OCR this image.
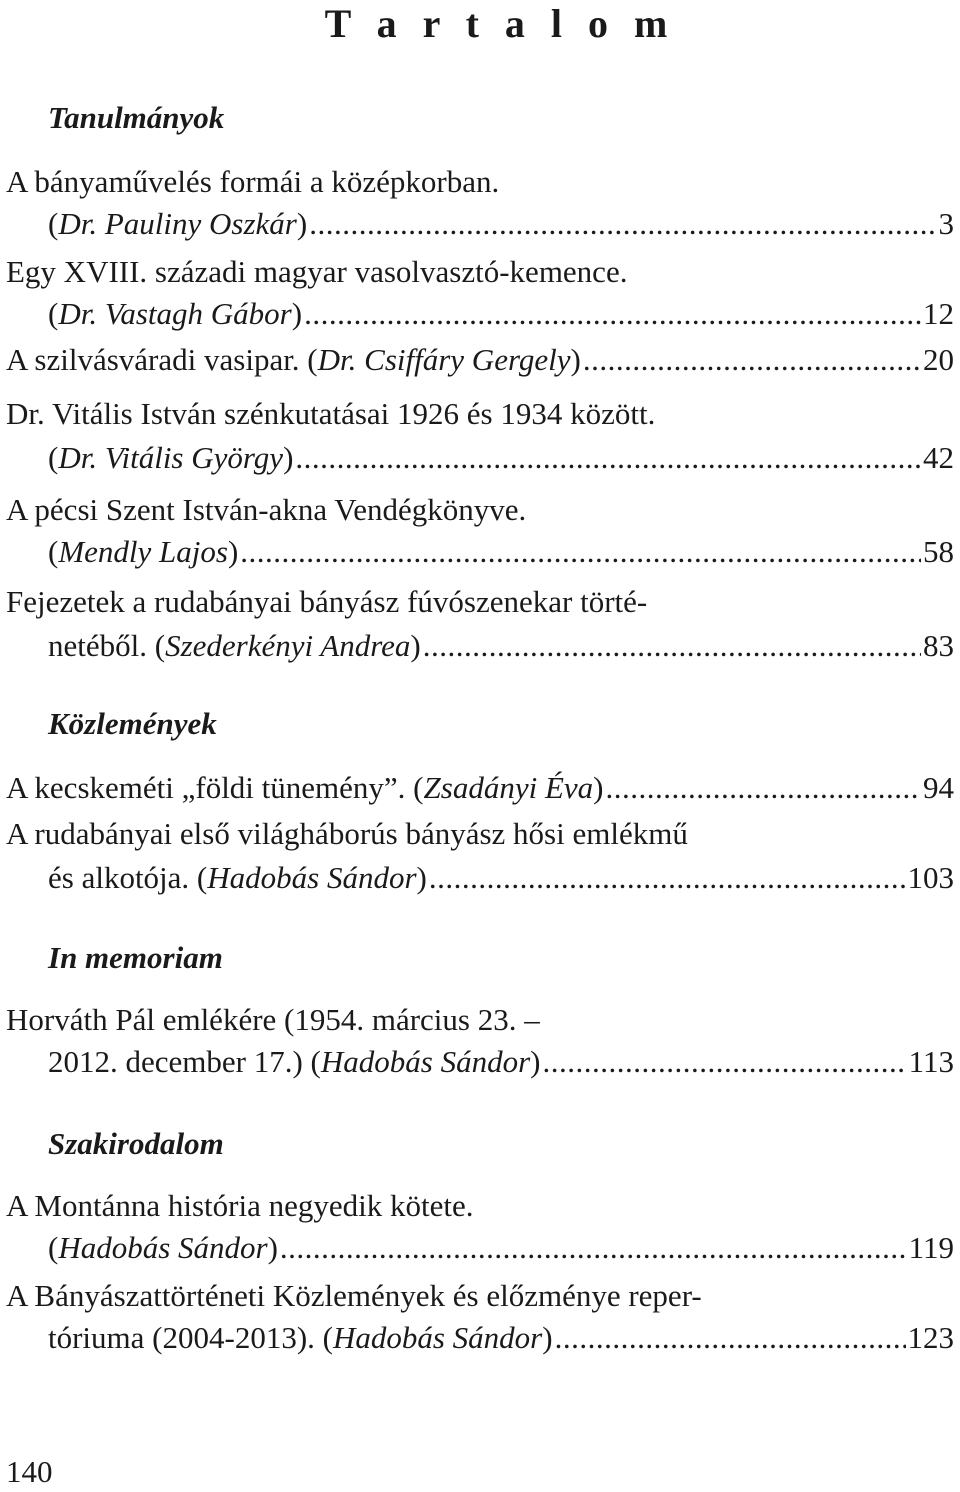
T a r t a l o m
Tanulmányok
A bányaművelés formái a középkorban.
(Dr. Pauliny Oszkár) .....	3
Egy XVIII. századi magyar vasolvasztó-kemence.
(Dr. Vastagh Gábor) .....	12
A szilvásváradi vasipar. (Dr. Csiffáry Gergely) .....	20
Dr. Vitális István szénkutatásai 1926 és 1934 között.
(Dr. Vitális György) .....	42
A pécsi Szent István-akna Vendégkönyve.
(Mendly Lajos) .....	58
Fejezetek a rudabányai bányász fúvószenekar törté-
netéből. (Szederkényi Andrea) .....	83
Közlemények
A kecskeméti „földi tünemény”. (Zsadányi Éva) .....	94
A rudabányai első világháborús bányász hősi emlékmű
és alkotója. (Hadobás Sándor) .....	103
In memoriam
Horváth Pál emlékére (1954. március 23. –
2012. december 17.) (Hadobás Sándor) .....	113
Szakirodalom
A Montánna história negyedik kötete.
(Hadobás Sándor) .....	119
A Bányászattörténeti Közlemények és előzménye reper-
tóriuma (2004-2013). (Hadobás Sándor) .....	123
140
